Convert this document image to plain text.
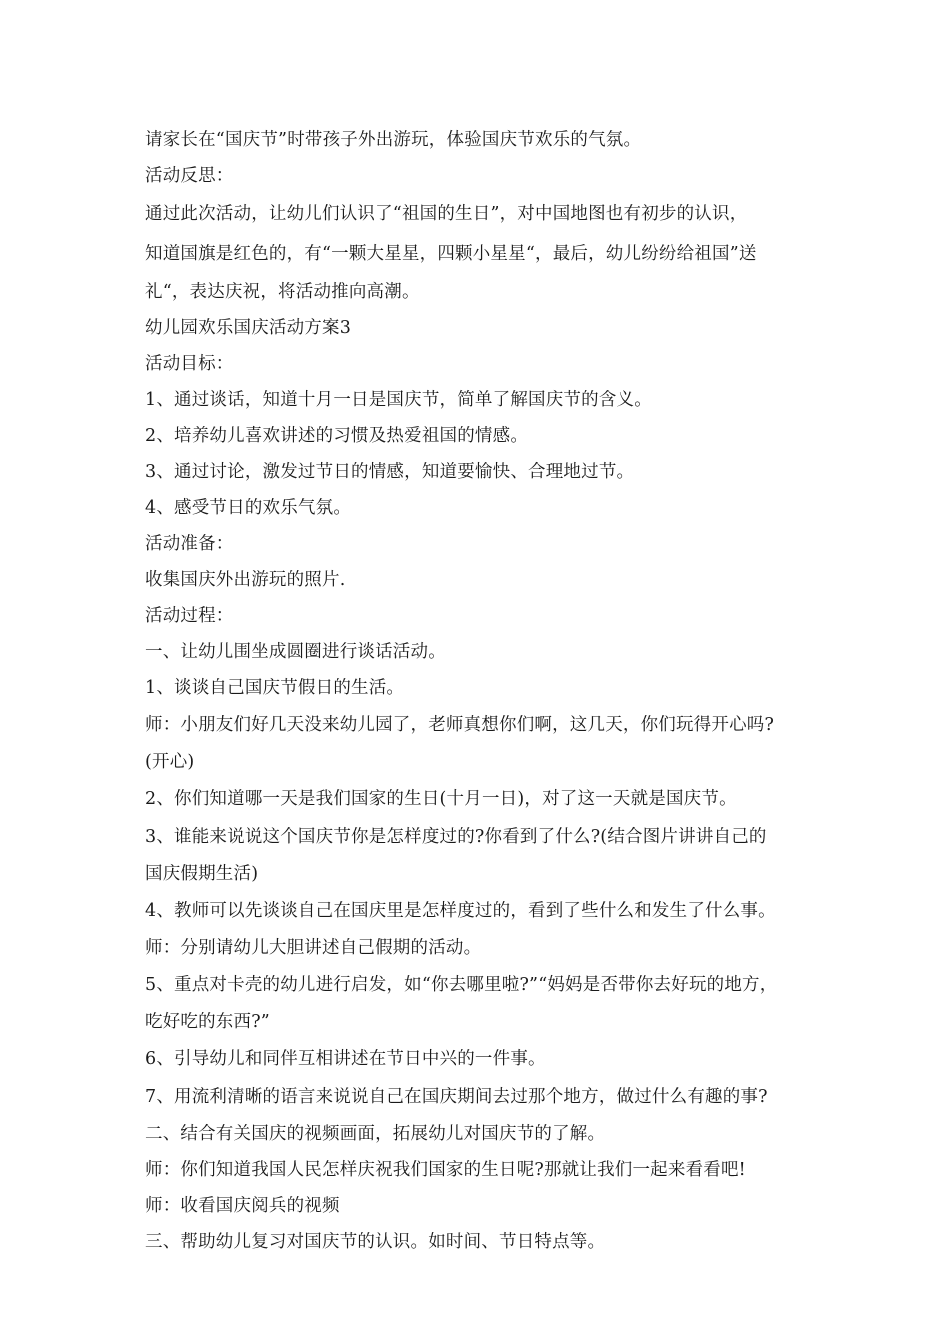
请家长在“国庆节”时带孩子外出游玩，体验国庆节欢乐的气氛。
活动反思：
通过此次活动，让幼儿们认识了“祖国的生日”，对中国地图也有初步的认识，
知道国旗是红色的，有“一颗大星星，四颗小星星“，最后，幼儿纷纷给祖国”送
礼“，表达庆祝，将活动推向高潮。
幼儿园欢乐国庆活动方案3
活动目标：
1、通过谈话，知道十月一日是国庆节，简单了解国庆节的含义。
2、培养幼儿喜欢讲述的习惯及热爱祖国的情感。
3、通过讨论，激发过节日的情感，知道要愉快、合理地过节。
4、感受节日的欢乐气氛。
活动准备：
收集国庆外出游玩的照片.
活动过程：
一、让幼儿围坐成圆圈进行谈话活动。
1、谈谈自己国庆节假日的生活。
师：小朋友们好几天没来幼儿园了，老师真想你们啊，这几天，你们玩得开心吗?
(开心)
2、你们知道哪一天是我们国家的生日(十月一日)，对了这一天就是国庆节。
3、谁能来说说这个国庆节你是怎样度过的?你看到了什么?(结合图片讲讲自己的
国庆假期生活)
4、教师可以先谈谈自己在国庆里是怎样度过的，看到了些什么和发生了什么事。
师：分别请幼儿大胆讲述自己假期的活动。
5、重点对卡壳的幼儿进行启发，如“你去哪里啦?”“妈妈是否带你去好玩的地方，
吃好吃的东西?”
6、引导幼儿和同伴互相讲述在节日中兴的一件事。
7、用流利清晰的语言来说说自己在国庆期间去过那个地方，做过什么有趣的事?
二、结合有关国庆的视频画面，拓展幼儿对国庆节的了解。
师：你们知道我国人民怎样庆祝我们国家的生日呢?那就让我们一起来看看吧!
师：收看国庆阅兵的视频
三、帮助幼儿复习对国庆节的认识。如时间、节日特点等。
